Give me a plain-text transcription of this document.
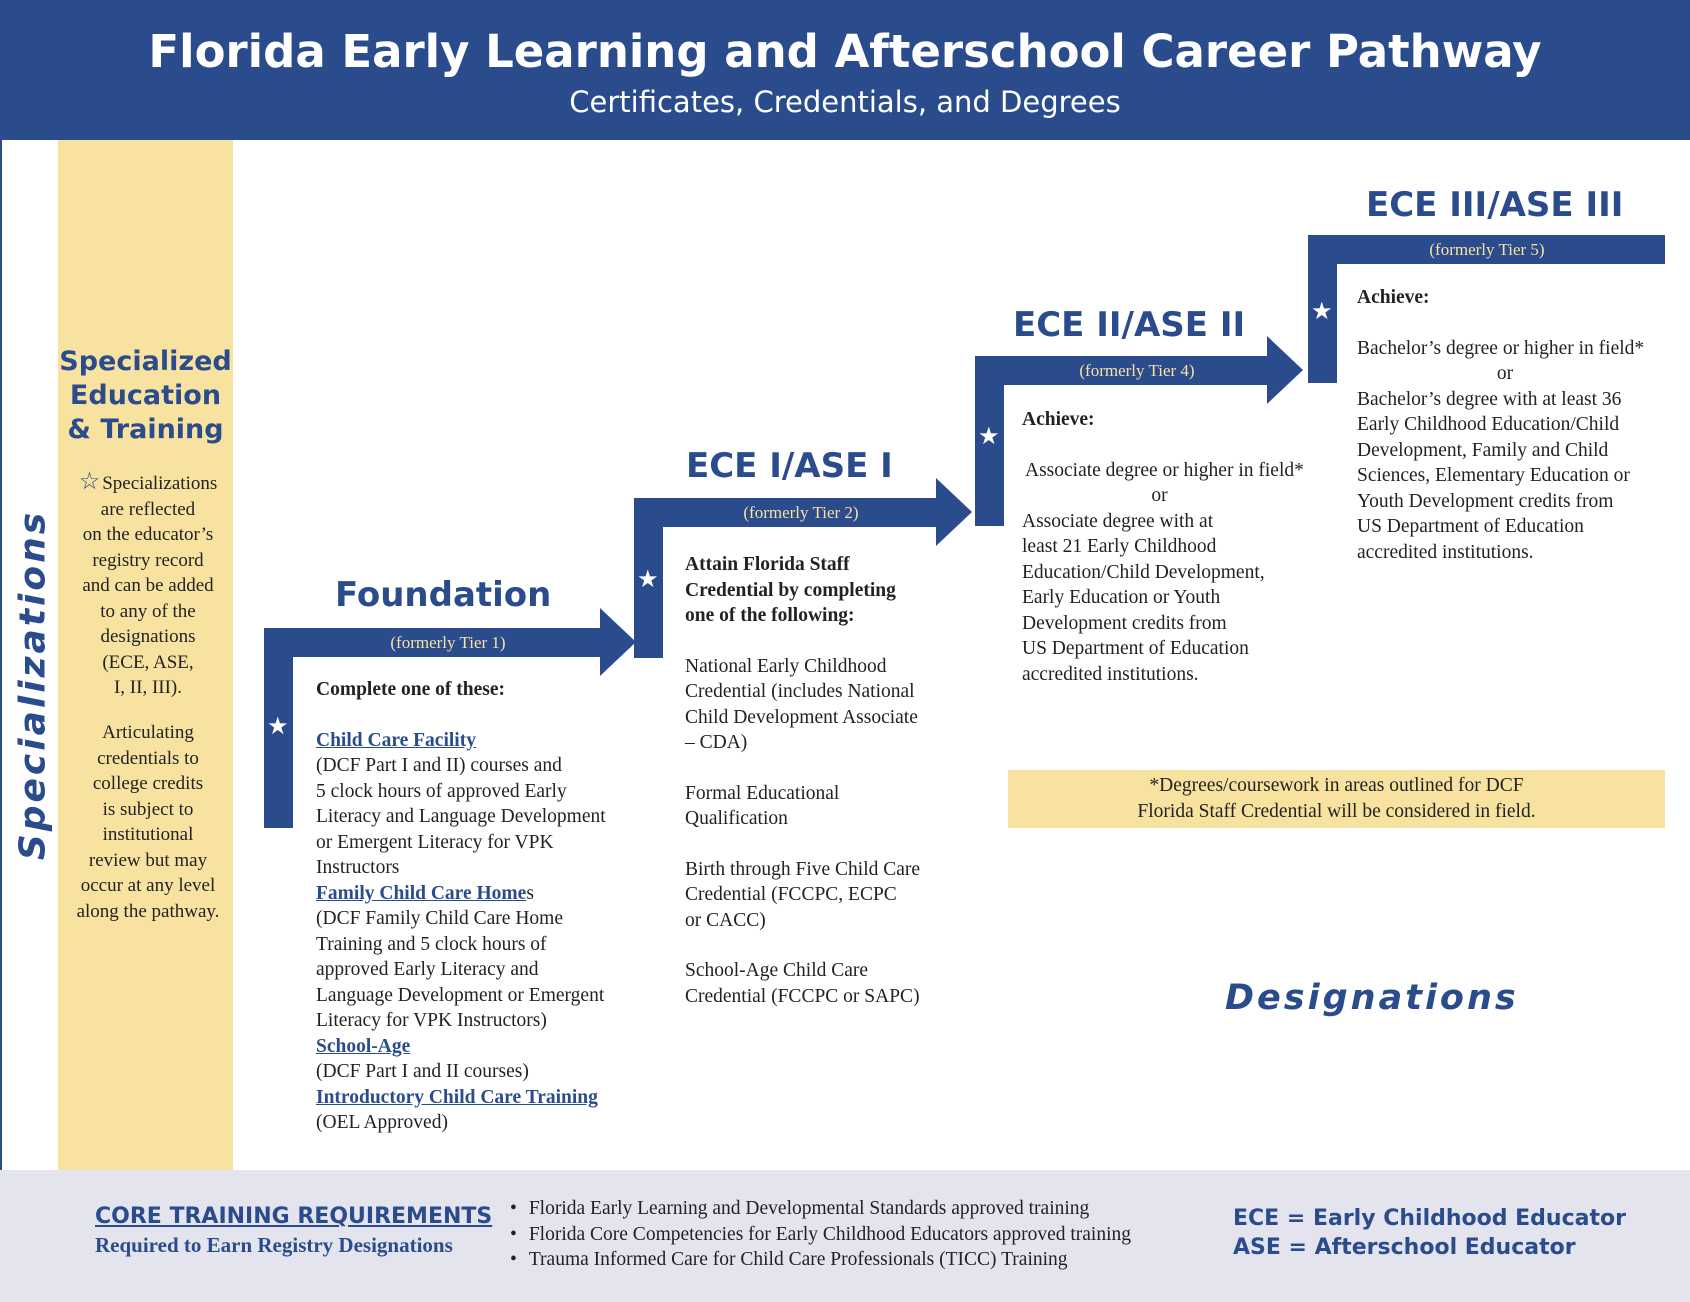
Florida Early Learning and Afterschool Career Pathway
Certificates, Credentials, and Degrees
Specializations
Specialized
Education
& Training
☆ Specializations
are reflected
on the educator’s
registry record
and can be added
to any of the
designations
(ECE, ASE,
I, II, III).
Articulating
credentials to
college credits
is subject to
institutional
review but may
occur at any level
along the pathway.
Foundation
(formerly Tier 1)
★
Complete one of these:
Child Care Facility
(DCF Part I and II) courses and
5 clock hours of approved Early
Literacy and Language Development
or Emergent Literacy for VPK
Instructors
Family Child Care Homes
(DCF Family Child Care Home
Training and 5 clock hours of
approved Early Literacy and
Language Development or Emergent
Literacy for VPK Instructors)
School-Age
(DCF Part I and II courses)
Introductory Child Care Training
(OEL Approved)
ECE I/ASE I
(formerly Tier 2)
★
Attain Florida Staff
Credential by completing
one of the following:
National Early Childhood
Credential (includes National
Child Development Associate
– CDA)
Formal Educational
Qualification
Birth through Five Child Care
Credential (FCCPC, ECPC
or CACC)
School-Age Child Care
Credential (FCCPC or SAPC)
ECE II/ASE II
(formerly Tier 4)
★
Achieve:
Associate degree or higher in field*
or
Associate degree with at
least 21 Early Childhood
Education/Child Development,
Early Education or Youth
Development credits from
US Department of Education
accredited institutions.
ECE III/ASE III
(formerly Tier 5)
★
Achieve:
Bachelor’s degree or higher in field*
or
Bachelor’s degree with at least 36
Early Childhood Education/Child
Development, Family and Child
Sciences, Elementary Education or
Youth Development credits from
US Department of Education
accredited institutions.
*Degrees/coursework in areas outlined for DCF
Florida Staff Credential will be considered in field.
Designations
CORE TRAINING REQUIREMENTS
Required to Earn Registry Designations
• Florida Early Learning and Developmental Standards approved training
• Florida Core Competencies for Early Childhood Educators approved training
• Trauma Informed Care for Child Care Professionals (TICC) Training
ECE = Early Childhood Educator
ASE = Afterschool Educator
